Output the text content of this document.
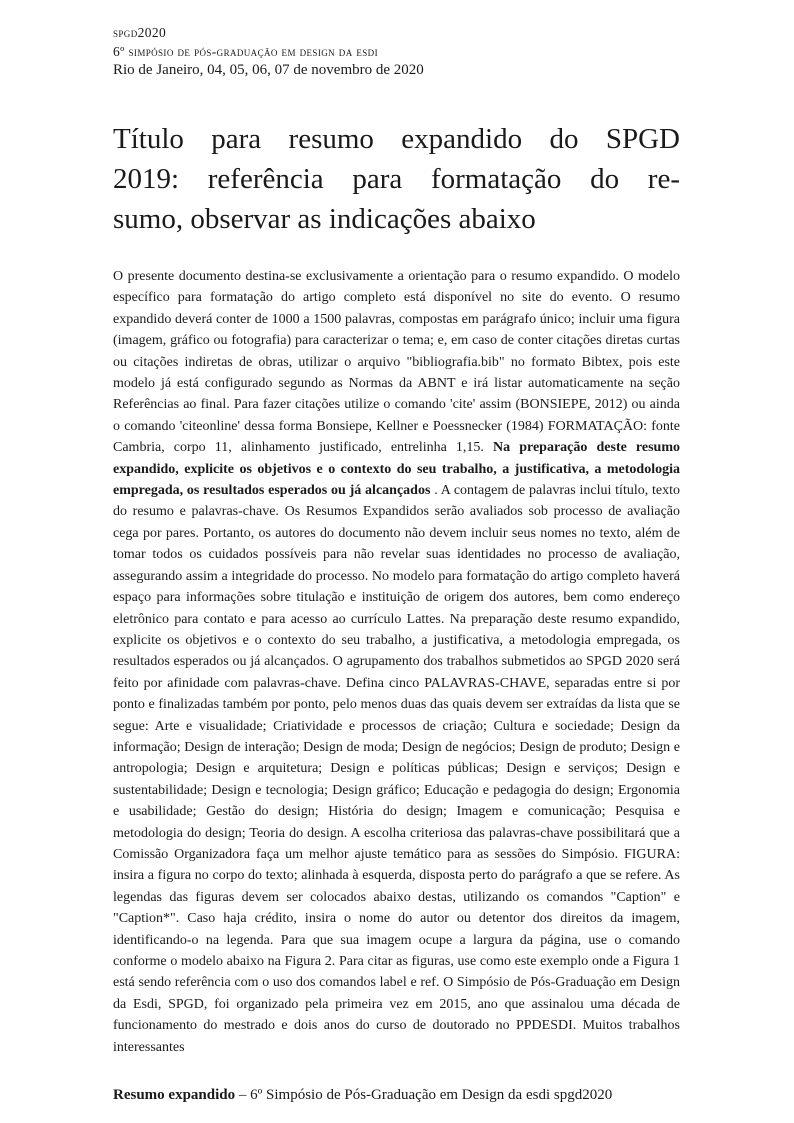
spgd2020
6º simpósio de pós-graduação em design da esdi
Rio de Janeiro, 04, 05, 06, 07 de novembro de 2020
Título para resumo expandido do SPGD
2019: referência para formatação do re-
sumo, observar as indicações abaixo

O presente documento destina-se exclusivamente a orientação para o resumo expandido. O modelo específico para formatação do artigo completo está disponível no site do evento. O resumo expandido deverá conter de 1000 a 1500 palavras, compostas em parágrafo único; incluir uma figura (imagem, gráfico ou fotografia) para caracterizar o tema; e, em caso de conter citações diretas curtas ou citações indiretas de obras, utilizar o arquivo "bibliografia.bib" no formato Bibtex, pois este modelo já está configurado segundo as Normas da ABNT e irá listar automaticamente na seção Referências ao final. Para fazer citações utilize o comando 'cite' assim (BONSIEPE, 2012) ou ainda o comando 'citeonline' dessa forma Bonsiepe, Kellner e Poessnecker (1984) FORMATAÇÃO: fonte Cambria, corpo 11, alinhamento justificado, entrelinha 1,15. Na preparação deste resumo expandido, explicite os objetivos e o contexto do seu trabalho, a justificativa, a metodologia empregada, os resultados esperados ou já alcançados . A contagem de palavras inclui título, texto do resumo e palavras-chave. Os Resumos Expandidos serão avaliados sob processo de avaliação cega por pares. Portanto, os autores do documento não devem incluir seus nomes no texto, além de tomar todos os cuidados possíveis para não revelar suas identidades no processo de avaliação, assegurando assim a integridade do processo. No modelo para formatação do artigo completo haverá espaço para informações sobre titulação e instituição de origem dos autores, bem como endereço eletrônico para contato e para acesso ao currículo Lattes. Na preparação deste resumo expandido, explicite os objetivos e o contexto do seu trabalho, a justificativa, a metodologia empregada, os resultados esperados ou já alcançados. O agrupamento dos trabalhos submetidos ao SPGD 2020 será feito por afinidade com palavras-chave. Defina cinco PALAVRAS-CHAVE, separadas entre si por ponto e finalizadas também por ponto, pelo menos duas das quais devem ser extraídas da lista que se segue: Arte e visualidade; Criatividade e processos de criação; Cultura e sociedade; Design da informação; Design de interação; Design de moda; Design de negócios; Design de produto; Design e antropologia; Design e arquitetura; Design e políticas públicas; Design e serviços; Design e sustentabilidade; Design e tecnologia; Design gráfico; Educação e pedagogia do design; Ergonomia e usabilidade; Gestão do design; História do design; Imagem e comunicação; Pesquisa e metodologia do design; Teoria do design. A escolha criteriosa das palavras-chave possibilitará que a Comissão Organizadora faça um melhor ajuste temático para as sessões do Simpósio. FIGURA: insira a figura no corpo do texto; alinhada à esquerda, disposta perto do parágrafo a que se refere. As legendas das figuras devem ser colocados abaixo destas, utilizando os comandos "Caption" e "Caption*". Caso haja crédito, insira o nome do autor ou detentor dos direitos da imagem, identificando-o na legenda. Para que sua imagem ocupe a largura da página, use o comando conforme o modelo abaixo na Figura 2. Para citar as figuras, use como este exemplo onde a Figura 1 está sendo referência com o uso dos comandos label e ref. O Simpósio de Pós-Graduação em Design da Esdi, SPGD, foi organizado pela primeira vez em 2015, ano que assinalou uma década de funcionamento do mestrado e dois anos do curso de doutorado no PPDESDI. Muitos trabalhos interessantes

Resumo expandido – 6º Simpósio de Pós-Graduação em Design da esdi spgd2020
